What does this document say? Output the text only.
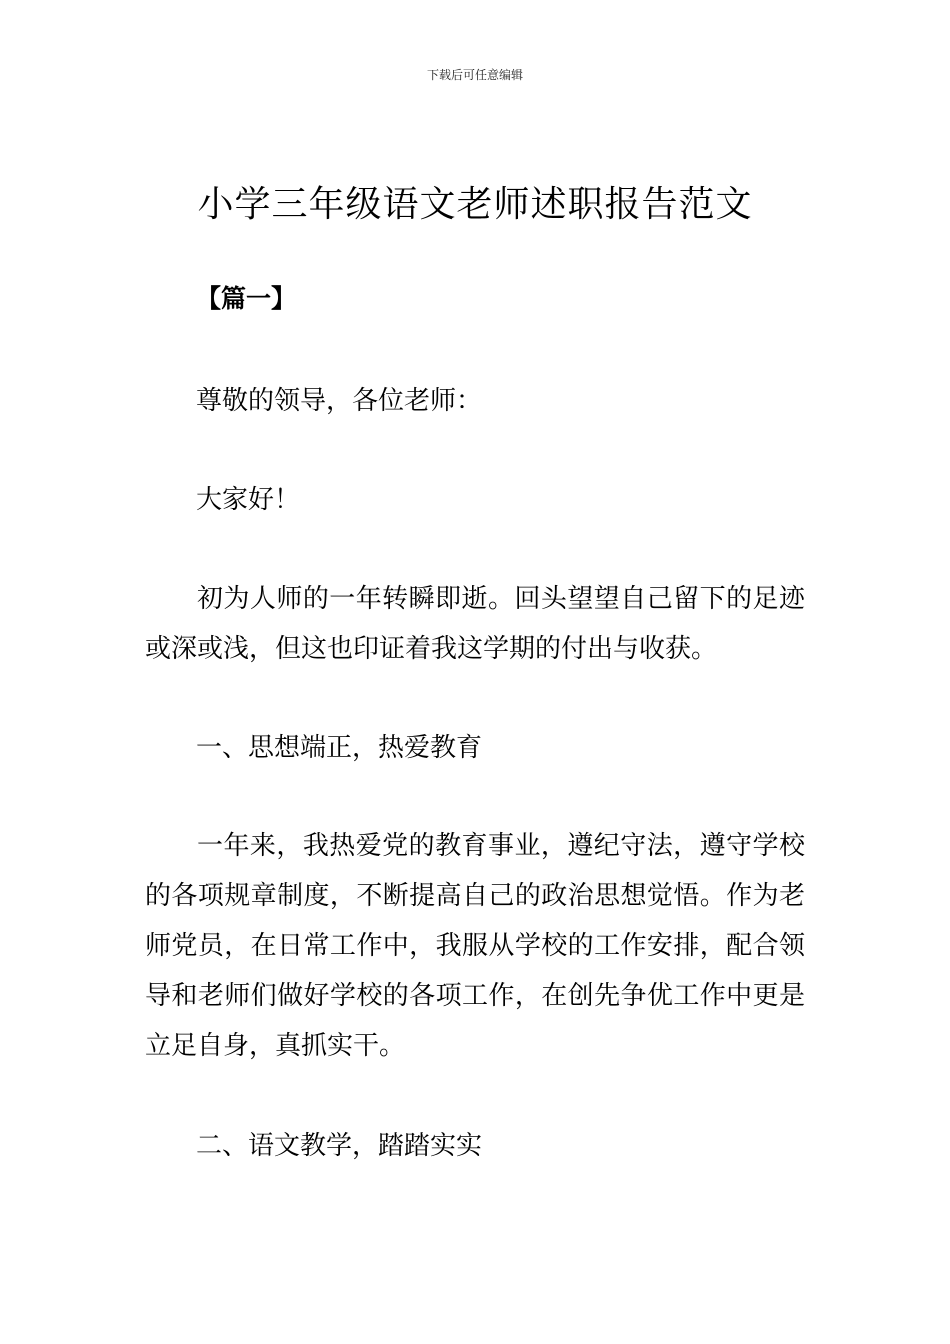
下载后可任意编辑
小学三年级语文老师述职报告范文
【篇一】
尊敬的领导，各位老师：
大家好！
初为人师的一年转瞬即逝。回头望望自己留下的足迹或深或浅，但这也印证着我这学期的付出与收获。
一、思想端正，热爱教育
一年来，我热爱党的教育事业，遵纪守法，遵守学校的各项规章制度，不断提高自己的政治思想觉悟。作为老师党员，在日常工作中，我服从学校的工作安排，配合领导和老师们做好学校的各项工作，在创先争优工作中更是立足自身，真抓实干。
二、语文教学，踏踏实实
